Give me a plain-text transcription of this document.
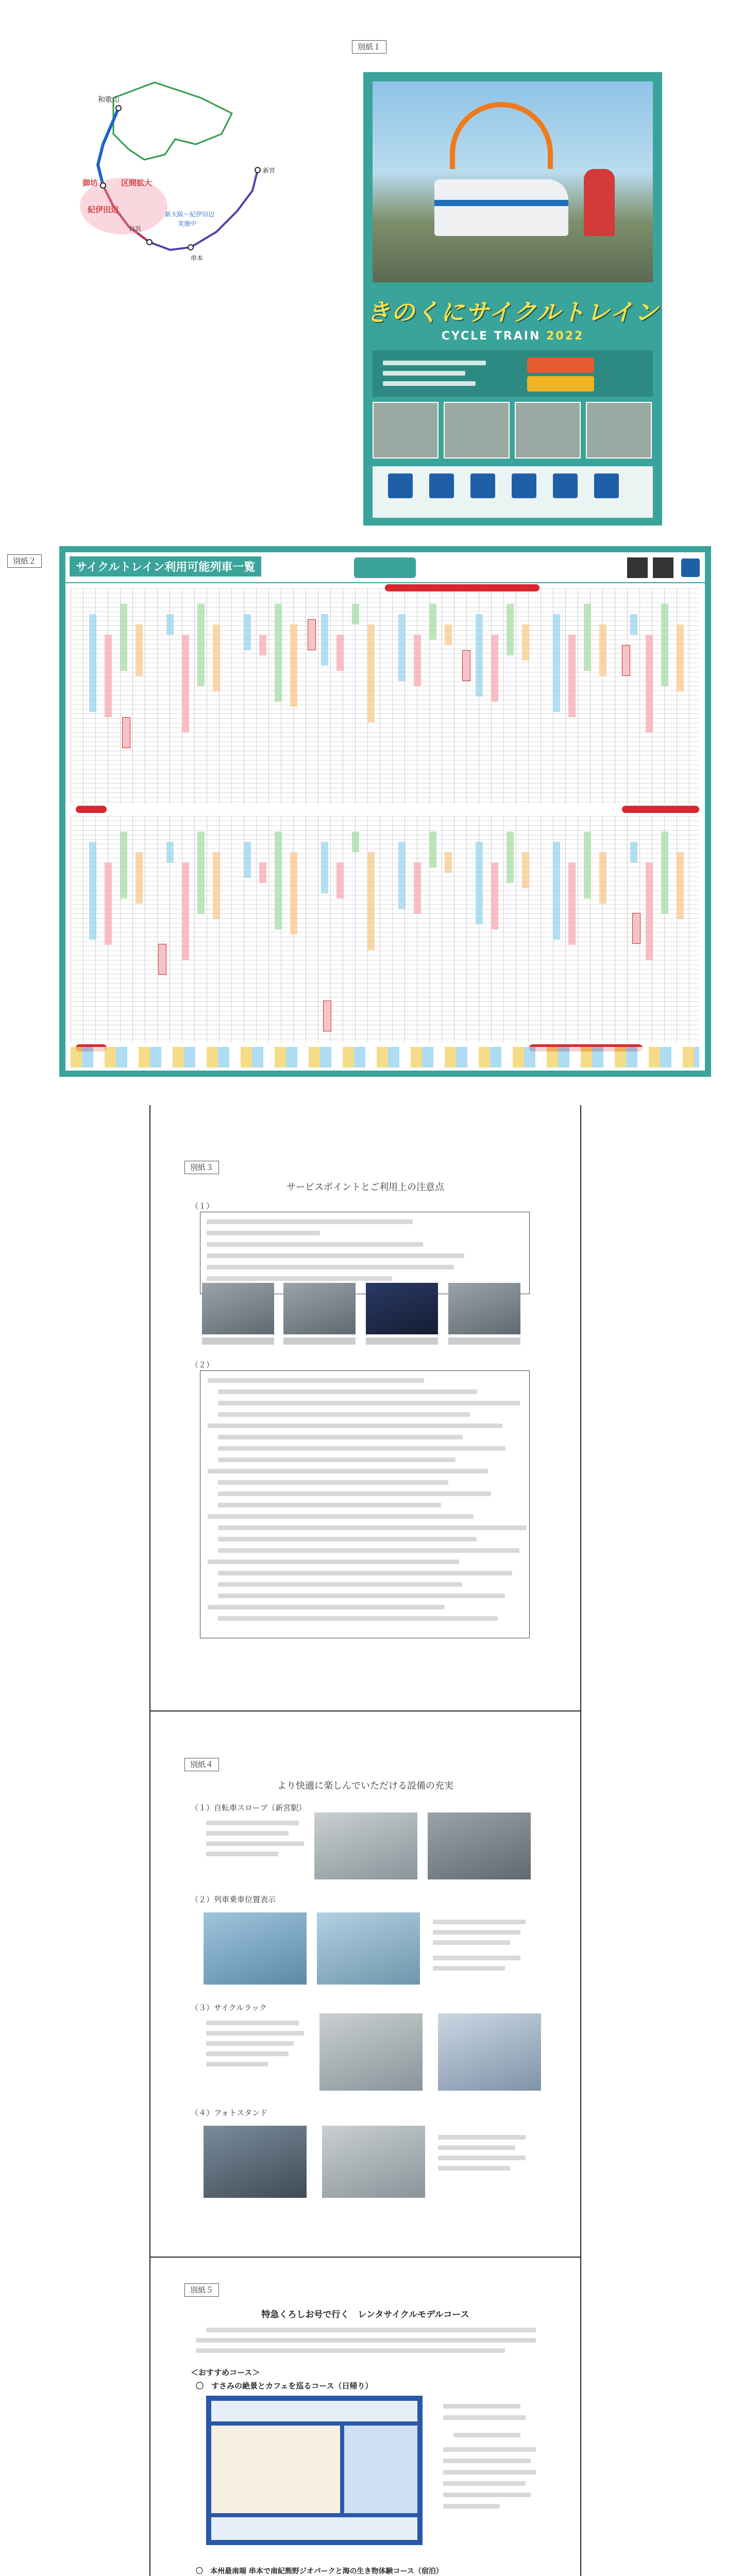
別紙１
和歌山
御坊	区間拡大
紀伊田辺
白浜
新宮
串本
新大阪～紀伊田辺
実施中
きのくにサイクルトレイン
CYCLE TRAIN 2022
別紙２	サイクルトレイン利用可能列車一覧
別紙３
サービスポイントとご利用上の注意点
（１）
（２）
別紙４
より快適に楽しんでいただける設備の充実
（１）自転車スロープ（新宮駅）
（２）列車乗車位置表示
（３）サイクルラック
（４）フォトスタンド
別紙５
特急くろしお号で行く　レンタサイクルモデルコース
＜おすすめコース＞
〇　すさみの絶景とカフェを巡るコース（日帰り）
〇　本州最南端 串本で南紀熊野ジオパークと海の生き物体験コース（宿泊）
